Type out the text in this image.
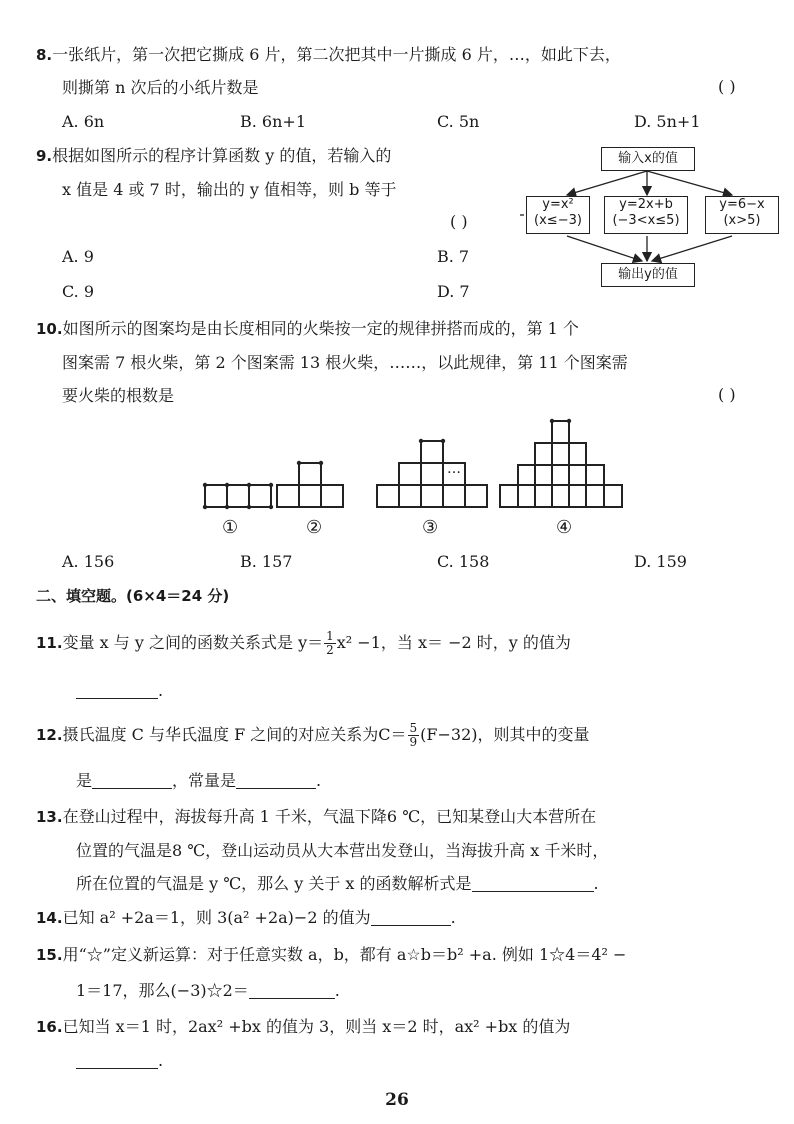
8.一张纸片，第一次把它撕成 6 片，第二次把其中一片撕成 6 片，…，如此下去，
则撕第 n 次后的小纸片数是	( )
A. 6n	B. 6n+1	C. 5n	D. 5n+1
9.根据如图所示的程序计算函数 y 的值，若输入的
x 值是 4 或 7 时，输出的 y 值相等，则 b 等于
( )
A. 9	B. 7
C. 9	D. 7
输入x的值
y=x²
(x≤−3)
y=2x+b
(−3<x≤5)
y=6−x
(x>5)
输出y的值
10.如图所示的图案均是由长度相同的火柴按一定的规律拼搭而成的，第 1 个
图案需 7 根火柴，第 2 个图案需 13 根火柴，……，以此规律，第 11 个图案需
要火柴的根数是	( )
…
①	②	③	④
A. 156	B. 157	C. 158	D. 159
二、填空题。(6×4＝24 分)
11.变量 x 与 y 之间的函数关系式是 $y= \frac{1}{2} x^2 -1$，当 x＝ −2 时，y 的值为
.
12.摄氏温度 C 与华氏温度 F 之间的对应关系为$C= \frac{5}{9} (F-32)$，则其中的变量
是	，常量是	.
13.在登山过程中，海拔每升高 1 千米，气温下降6 ℃，已知某登山大本营所在
位置的气温是8 ℃，登山运动员从大本营出发登山，当海拔升高 x 千米时，
所在位置的气温是 y ℃，那么 y 关于 x 的函数解析式是	.
14.已知 a² +2a＝1，则 3(a² +2a)−2 的值为	.
15.用“☆”定义新运算：对于任意实数 a，b，都有 a☆b＝b² +a. 例如 1☆4＝4² −
1＝17，那么(−3)☆2＝	.
16.已知当 x＝1 时，2ax² +bx 的值为 3，则当 x＝2 时，ax² +bx 的值为
.
26
